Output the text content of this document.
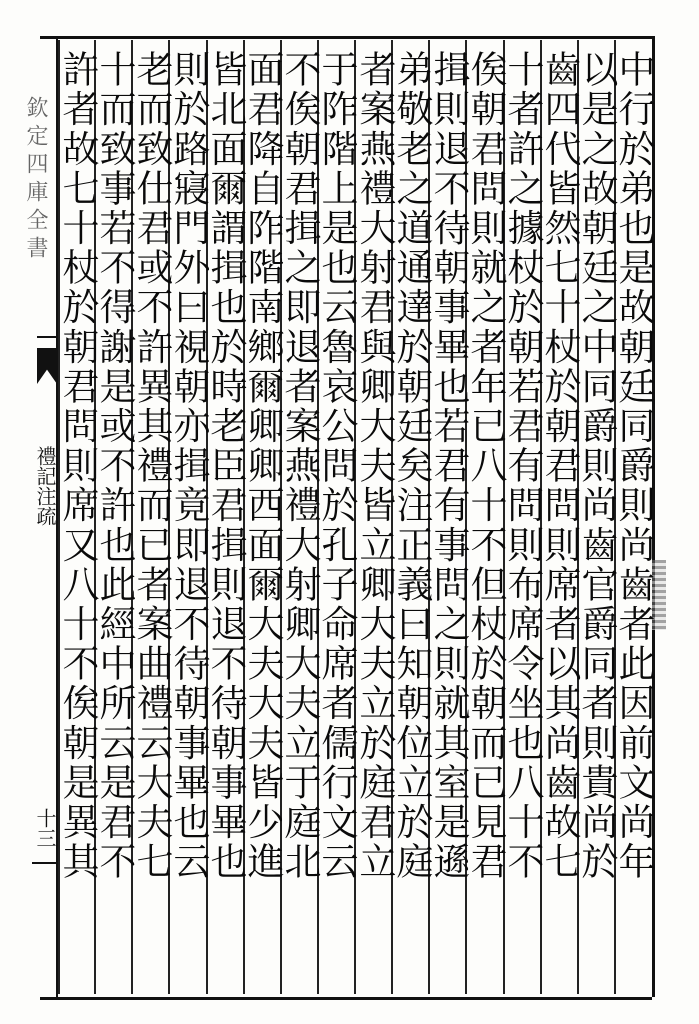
欽定四庫全書
禮記注疏
十三	中行於弟也是故朝廷同爵則尚齒者此因前文尚年
以是之故朝廷之中同爵則尚齒官爵同者則貴尚於
齒四代皆然七十杖於朝君問則席者以其尚齒故七
十者許之據杖於朝若君有問則布席令坐也八十不
俟朝君問則就之者年已八十不但杖於朝而已見君
揖則退不待朝事畢也若君有事問之則就其室是遜
弟敬老之道通達於朝廷矣注正義曰知朝位立於庭
者案燕禮大射君與卿大夫皆立卿大夫立於庭君立
于阼階上是也云魯哀公問於孔子命席者儒行文云
不俟朝君揖之即退者案燕禮大射卿大夫立于庭北
面君降自阼階南鄉爾卿卿西面爾大夫大夫皆少進
皆北面爾謂揖也於時老臣君揖則退不待朝事畢也
則於路寢門外曰視朝亦揖竟即退不待朝事畢也云
老而致仕君或不許異其禮而已者案曲禮云大夫七
十而致事若不得謝是或不許也此經中所云是君不
許者故七十杖於朝君問則席又八十不俟朝是異其
